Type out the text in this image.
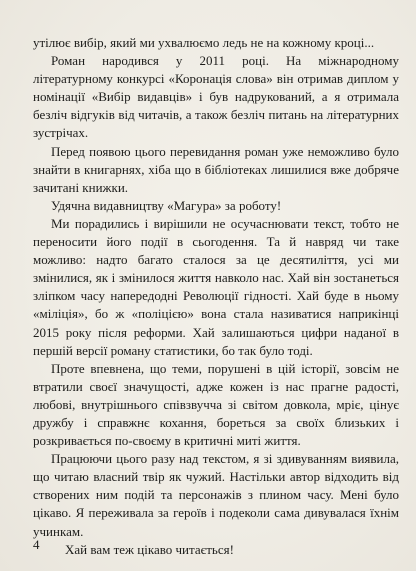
утілює вибір, який ми ухвалюємо ледь не на кожному кроці...

Роман народився у 2011 році. На міжнародному літературному конкурсі «Коронація слова» він отримав диплом у номінації «Вибір видавців» і був надрукований, а я отримала безліч відгуків від читачів, а також безліч питань на літературних зустрічах.

Перед появою цього перевидання роман уже неможливо було знайти в книгарнях, хіба що в бібліотеках лишилися вже добряче зачитані книжки.

Удячна видавництву «Магура» за роботу!

Ми порадились і вирішили не осучаснювати текст, тобто не переносити його події в сьогодення. Та й навряд чи таке можливо: надто багато сталося за це десятиліття, усі ми змінилися, як і змінилося життя навколо нас. Хай він зостанеться зліпком часу напередодні Революції гідності. Хай буде в ньому «міліція», бо ж «поліцією» вона стала називатися наприкінці 2015 року після реформи. Хай залишаються цифри наданої в першій версії роману статистики, бо так було тоді.

Проте впевнена, що теми, порушені в цій історії, зовсім не втратили своєї значущості, адже кожен із нас прагне радості, любові, внутрішнього співзвучча зі світом довкола, мріє, цінує дружбу і справжнє кохання, бореться за своїх близьких і розкривається по-своєму в критичні миті життя.

Працюючи цього разу над текстом, я зі здивуванням виявила, що читаю власний твір як чужий. Настільки автор відходить від створених ним подій та персонажів з плином часу. Мені було цікаво. Я переживала за героїв і подеколи сама дивувалася їхнім учинкам.

Хай вам теж цікаво читається!

4
